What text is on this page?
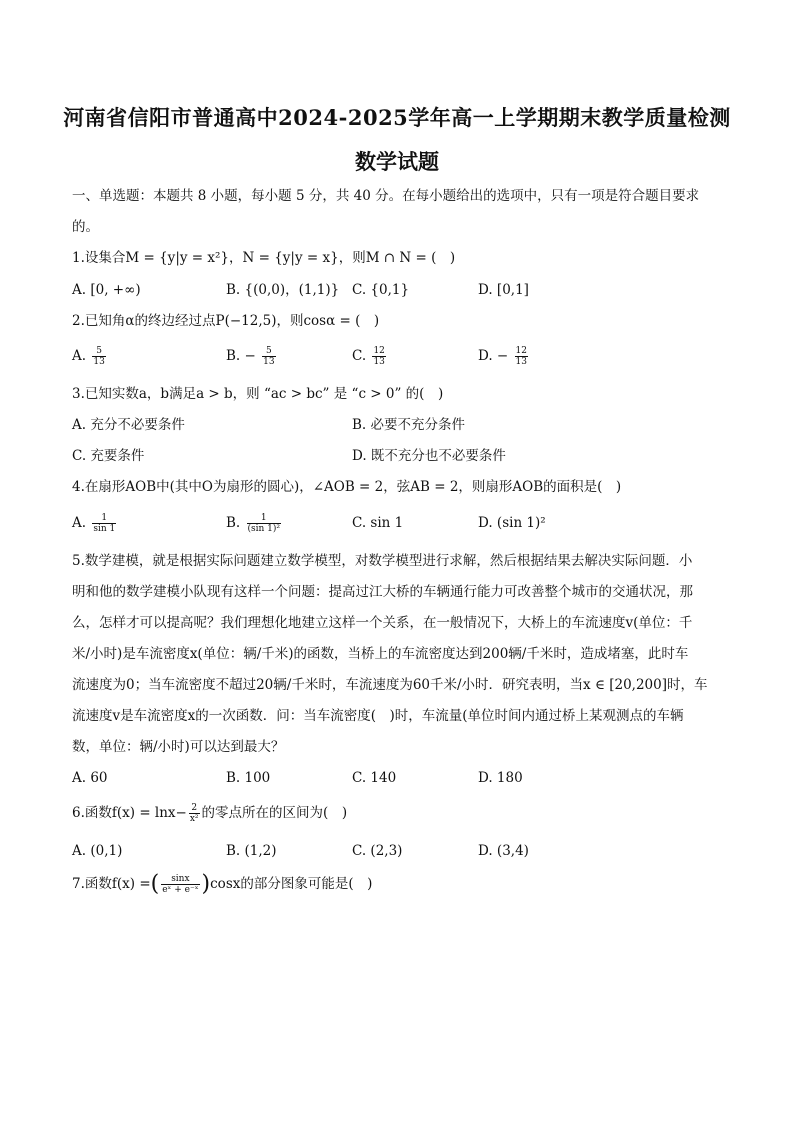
河南省信阳市普通高中2024-2025学年高一上学期期末教学质量检测
数学试题
一、单选题：本题共 8 小题，每小题 5 分，共 40 分。在每小题给出的选项中，只有一项是符合题目要求
的。
1.设集合M = {y|y = x²}，N = {y|y = x}，则M ∩ N = (　)
A. [0, +∞)	B. {(0,0)，(1,1)} C. {0,1}	D. [0,1]
2.已知角α的终边经过点P(−12,5)，则cosα = (　)
A. $\frac{5}{13}$	B. − $\frac{5}{13}$	C. $\frac{12}{13}$	D. − $\frac{12}{13}$
3.已知实数a，b满足a > b，则 “ac > bc” 是 “c > 0” 的(　)
A. 充分不必要条件	B. 必要不充分条件
C. 充要条件	D. 既不充分也不必要条件
4.在扇形AOB中(其中O为扇形的圆心)，∠AOB = 2，弦AB = 2，则扇形AOB的面积是(　)
A. $\frac{1}{\sin 1}$	B. $\frac{1}{\text{(sin 1)²}}$	C. sin 1	D. (sin 1)²
5.数学建模，就是根据实际问题建立数学模型，对数学模型进行求解，然后根据结果去解决实际问题．小
明和他的数学建模小队现有这样一个问题：提高过江大桥的车辆通行能力可改善整个城市的交通状况，那
么，怎样才可以提高呢？我们理想化地建立这样一个关系，在一般情况下，大桥上的车流速度v(单位：千
米/小时)是车流密度x(单位：辆/千米)的函数，当桥上的车流密度达到200辆/千米时，造成堵塞，此时车
流速度为0；当车流密度不超过20辆/千米时，车流速度为60千米/小时．研究表明，当x ∈ [20,200]时，车
流速度v是车流密度x的一次函数．问：当车流密度(　)时，车流量(单位时间内通过桥上某观测点的车辆
数，单位：辆/小时)可以达到最大？
A. 60	B. 100	C. 140	D. 180
6.函数$f(x) = \ln x- \frac{2}{\text{x²}}$ 的零点所在的区间为(　)
A. (0,1)	B. (1,2)	C. (2,3)	D. (3,4)
7.函数f(x) =( $\frac{\sin x}{\text{eˣ + e⁻ˣ}} )\cos x$的部分图象可能是(　)
